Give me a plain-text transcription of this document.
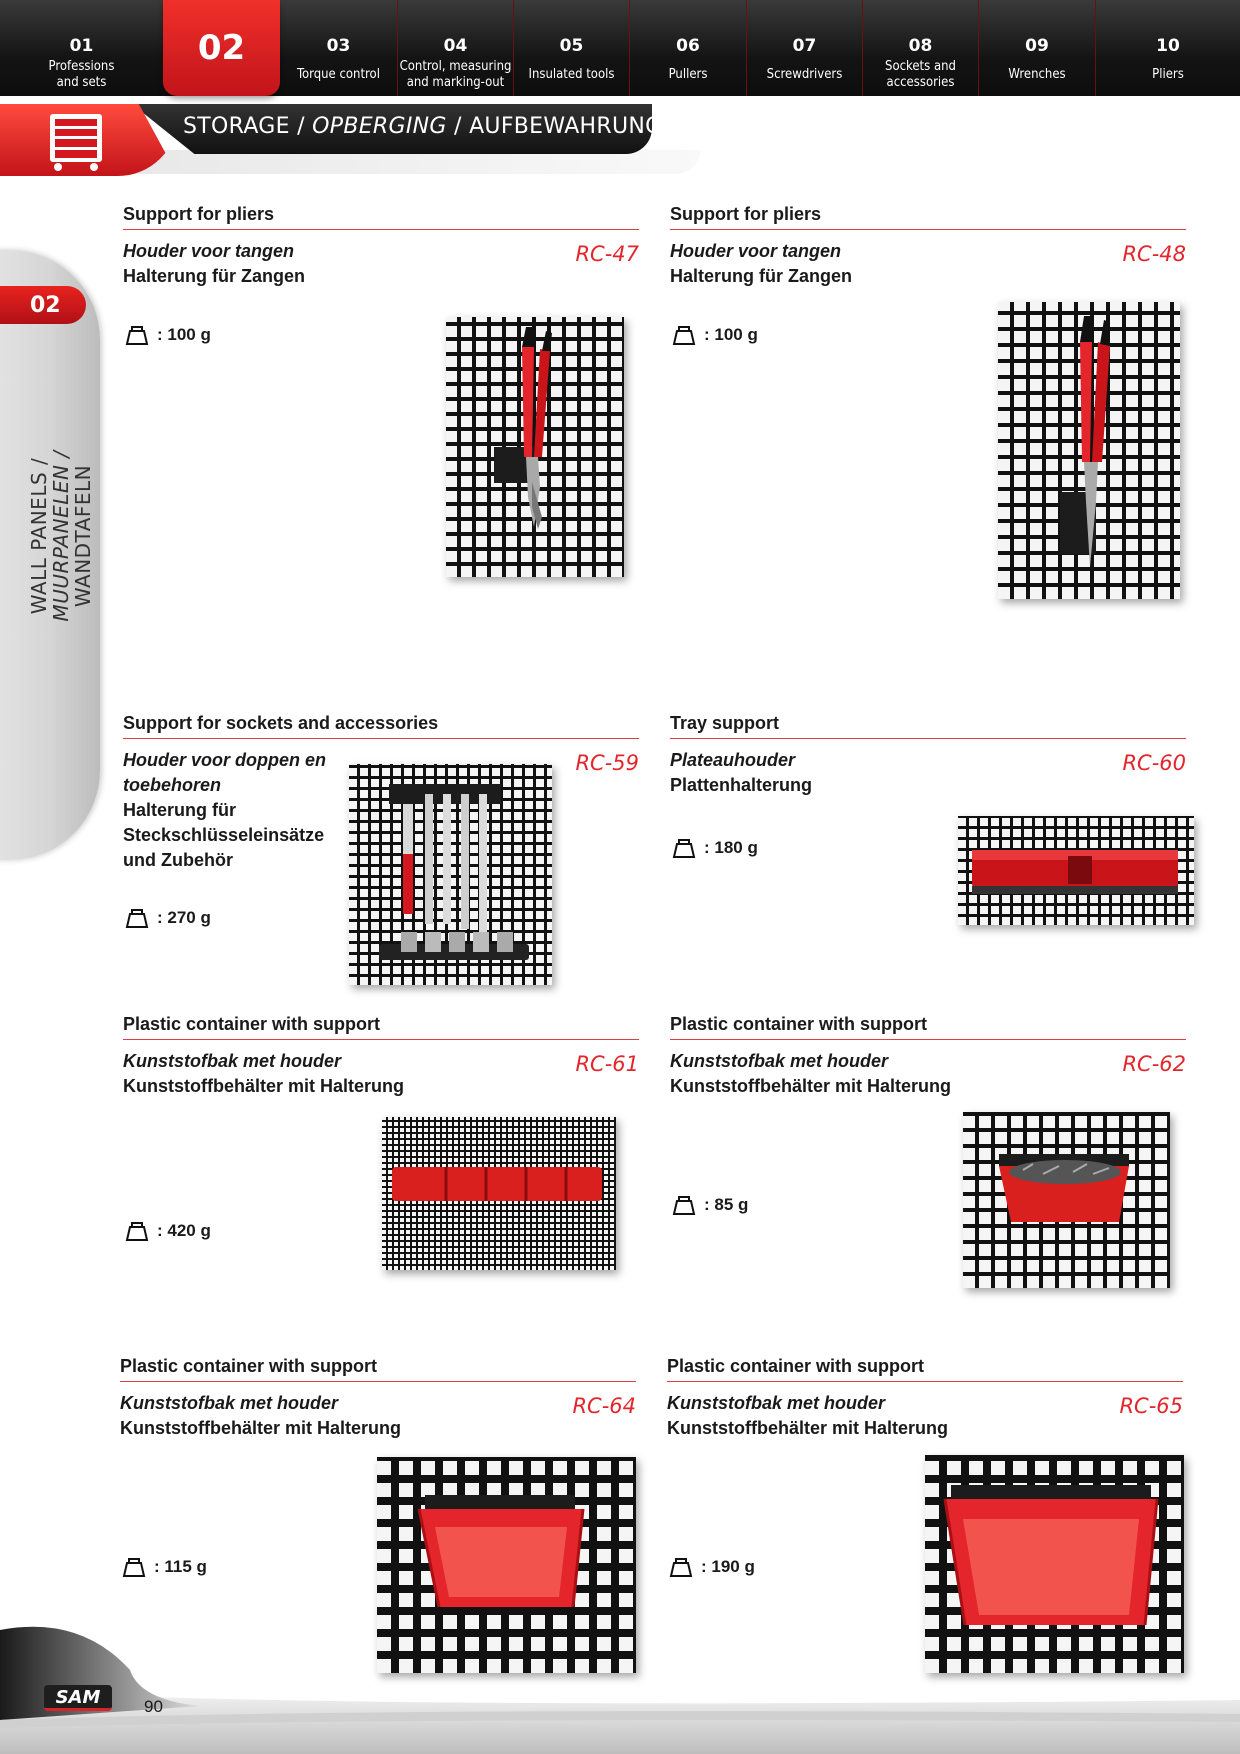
01
Professions
and sets
02	03
Torque control
04
Control, measuring
and marking-out
05
Insulated tools
06
Pullers
07
Screwdrivers
08
Sockets and
accessories
09
Wrenches
10
Pliers
STORAGE / OPBERGING / AUFBEWAHRUNG
02
WALL PANELS /
MUURPANELEN /
WANDTAFELN
Support for pliers
Houder voor tangen
Halterung für Zangen
RC-47
: 100 g
Support for pliers
Houder voor tangen
Halterung für Zangen
RC-48
: 100 g
Support for sockets and accessories
Houder voor doppen en
toebehoren
Halterung für
Steckschlüsseleinsätze
und Zubehör
RC-59
: 270 g
Tray support
Plateauhouder
Plattenhalterung
RC-60
: 180 g
Plastic container with support
Kunststofbak met houder
Kunststoffbehälter mit Halterung
RC-61
: 420 g
Plastic container with support
Kunststofbak met houder
Kunststoffbehälter mit Halterung
RC-62
: 85 g
Plastic container with support
Kunststofbak met houder
Kunststoffbehälter mit Halterung
RC-64
: 115 g
Plastic container with support
Kunststofbak met houder
Kunststoffbehälter mit Halterung
RC-65
: 190 g
SAM	90
